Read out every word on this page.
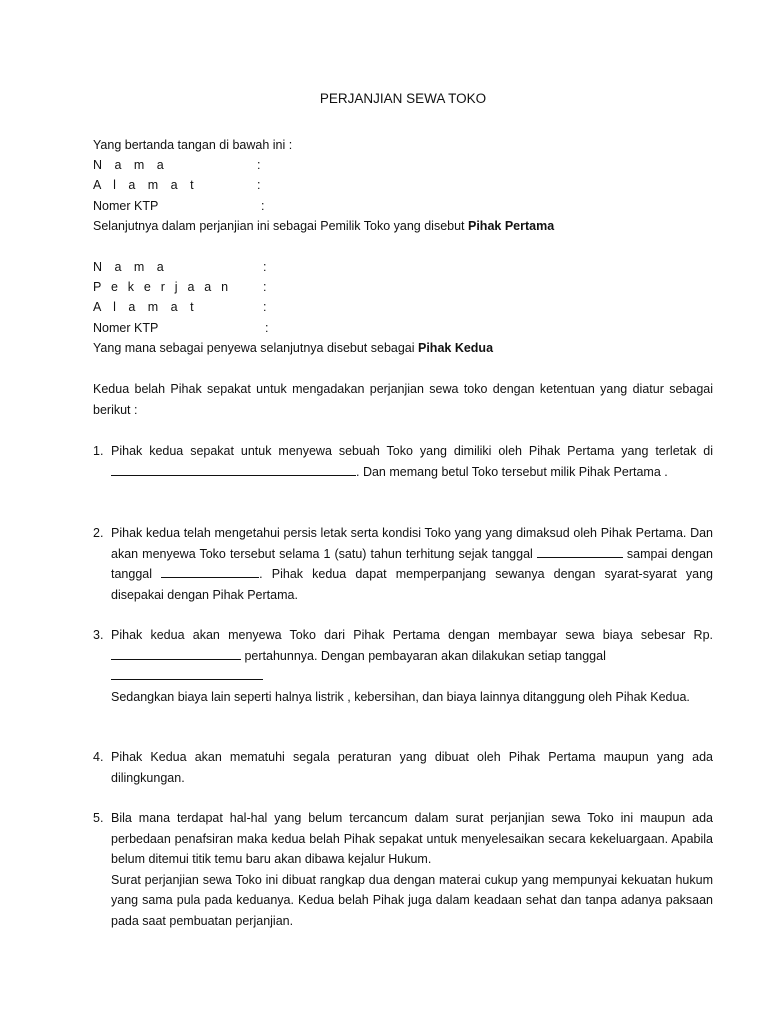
PERJANJIAN SEWA TOKO
Yang bertanda tangan di bawah ini :
N a m a	:
A l a m a t	:
Nomer KTP	:
Selanjutnya dalam perjanjian ini sebagai Pemilik Toko yang disebut Pihak Pertama
N a m a	:
P e k e r j a a n	:
A l a m a t	:
Nomer KTP	:
Yang mana sebagai penyewa selanjutnya disebut sebagai Pihak Kedua
Kedua belah Pihak sepakat untuk mengadakan perjanjian sewa toko dengan ketentuan yang diatur sebagai berikut :
1. Pihak kedua sepakat untuk menyewa sebuah Toko yang dimiliki oleh Pihak Pertama yang terletak di . Dan memang betul Toko tersebut milik Pihak Pertama .
2. Pihak kedua telah mengetahui persis letak serta kondisi Toko yang yang dimaksud oleh Pihak Pertama. Dan akan menyewa Toko tersebut selama 1 (satu) tahun terhitung sejak tanggal	sampai dengan tanggal	. Pihak kedua dapat memperpanjang sewanya dengan syarat-syarat yang disepakai dengan Pihak Pertama.
3. Pihak kedua akan menyewa Toko dari Pihak Pertama dengan membayar sewa biaya sebesar Rp.  pertahunnya. Dengan pembayaran akan dilakukan setiap tanggal

Sedangkan biaya lain seperti halnya listrik , kebersihan, dan biaya lainnya ditanggung oleh Pihak Kedua.
4. Pihak Kedua akan mematuhi segala peraturan yang dibuat oleh Pihak Pertama maupun yang ada dilingkungan.
5. Bila mana terdapat hal-hal yang belum tercancum dalam surat perjanjian sewa Toko ini maupun ada perbedaan penafsiran maka kedua belah Pihak sepakat untuk menyelesaikan secara kekeluargaan. Apabila belum ditemui titik temu baru akan dibawa kejalur Hukum.
Surat perjanjian sewa Toko ini dibuat rangkap dua dengan materai cukup yang mempunyai kekuatan hukum yang sama pula pada keduanya. Kedua belah Pihak juga dalam keadaan sehat dan tanpa adanya paksaan pada saat pembuatan perjanjian.
